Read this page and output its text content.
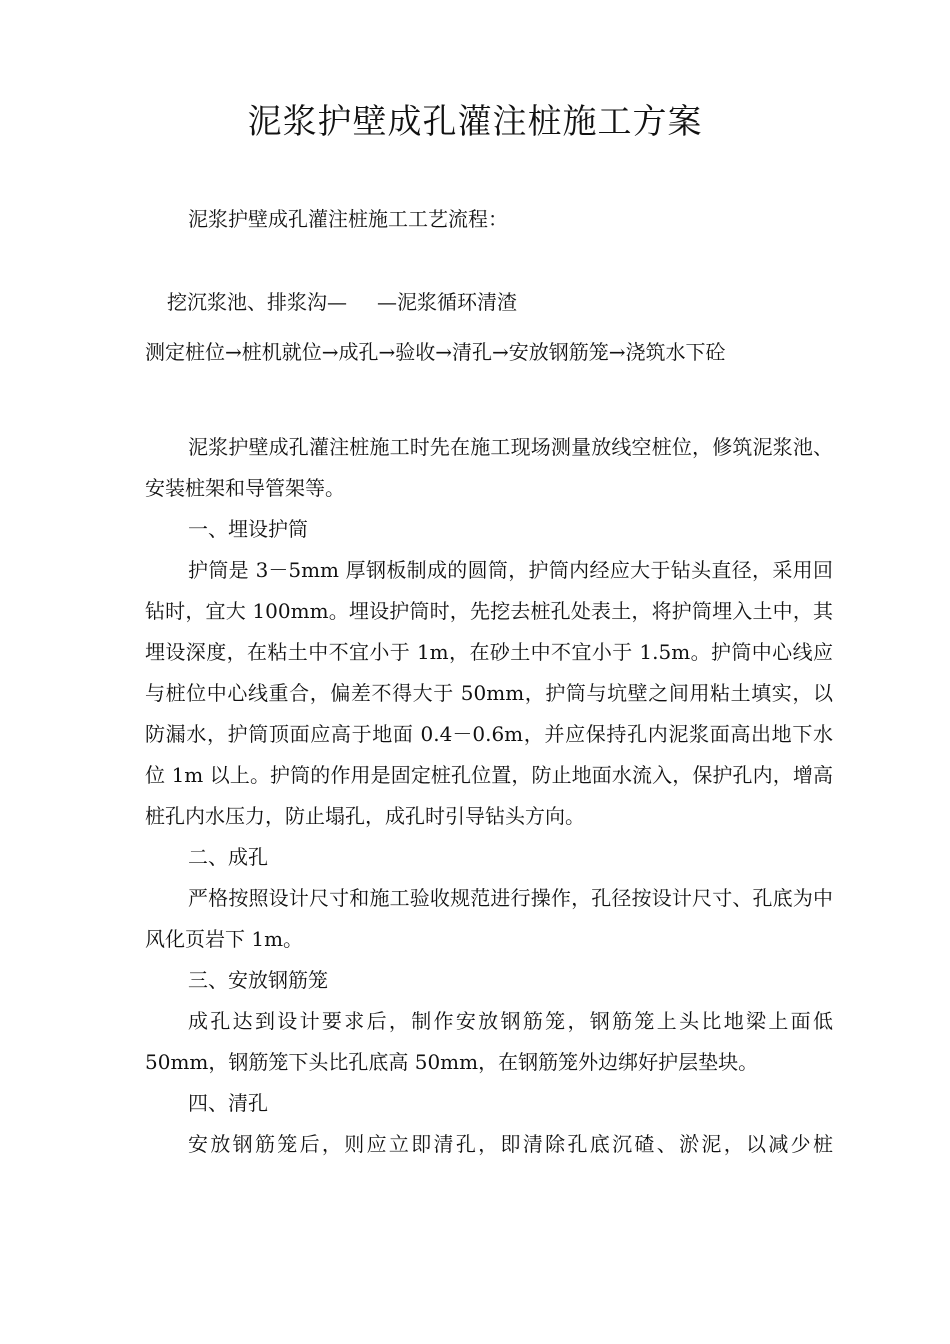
泥浆护壁成孔灌注桩施工方案
泥浆护壁成孔灌注桩施工工艺流程：
挖沉浆池、排浆沟— —泥浆循环清渣
测定桩位→桩机就位→成孔→验收→清孔→安放钢筋笼→浇筑水下砼

泥浆护壁成孔灌注桩施工时先在施工现场测量放线空桩位，修筑泥浆池、安装桩架和导管架等。

一、埋设护筒

护筒是 3－5mm 厚钢板制成的圆筒，护筒内经应大于钻头直径，采用回钻时，宜大 100mm。埋设护筒时，先挖去桩孔处表土，将护筒埋入土中，其埋设深度，在粘土中不宜小于 1m，在砂土中不宜小于 1.5m。护筒中心线应与桩位中心线重合，偏差不得大于 50mm，护筒与坑壁之间用粘土填实，以防漏水，护筒顶面应高于地面 0.4－0.6m，并应保持孔内泥浆面高出地下水位 1m 以上。护筒的作用是固定桩孔位置，防止地面水流入，保护孔内，增高桩孔内水压力，防止塌孔，成孔时引导钻头方向。

二、成孔

严格按照设计尺寸和施工验收规范进行操作，孔径按设计尺寸、孔底为中风化页岩下 1m。

三、安放钢筋笼

成孔达到设计要求后，制作安放钢筋笼，钢筋笼上头比地梁上面低 50mm，钢筋笼下头比孔底高 50mm，在钢筋笼外边绑好护层垫块。

四、清孔

安放钢筋笼后，则应立即清孔，即清除孔底沉碴、淤泥，以减少桩
